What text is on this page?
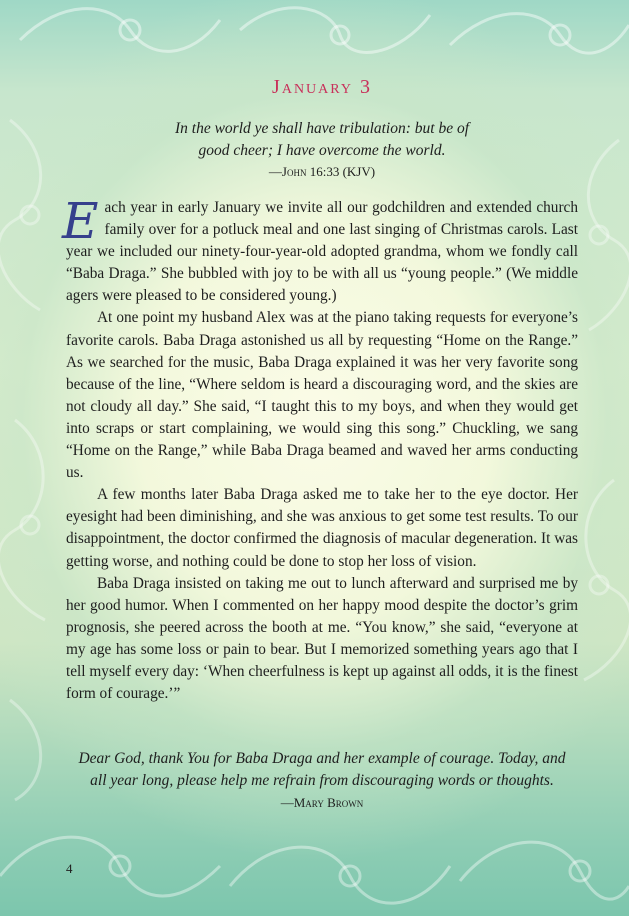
January 3
In the world ye shall have tribulation: but be of
good cheer; I have overcome the world.
—John 16:33 (KJV)

Each year in early January we invite all our godchildren and extended church family over for a potluck meal and one last singing of Christmas carols. Last year we included our ninety-four-year-old adopted grandma, whom we fondly call “Baba Draga.” She bubbled with joy to be with all us “young people.” (We middle agers were pleased to be considered young.)

At one point my husband Alex was at the piano taking requests for everyone’s favorite carols. Baba Draga astonished us all by requesting “Home on the Range.” As we searched for the music, Baba Draga explained it was her very favorite song because of the line, “Where seldom is heard a discouraging word, and the skies are not cloudy all day.” She said, “I taught this to my boys, and when they would get into scraps or start complaining, we would sing this song.” Chuckling, we sang “Home on the Range,” while Baba Draga beamed and waved her arms conducting us.

A few months later Baba Draga asked me to take her to the eye doctor. Her eyesight had been diminishing, and she was anxious to get some test results. To our disappointment, the doctor confirmed the diagnosis of macular degeneration. It was getting worse, and nothing could be done to stop her loss of vision.

Baba Draga insisted on taking me out to lunch afterward and surprised me by her good humor. When I commented on her happy mood despite the doctor’s grim prognosis, she peered across the booth at me. “You know,” she said, “everyone at my age has some loss or pain to bear. But I memorized something years ago that I tell myself every day: ‘When cheerfulness is kept up against all odds, it is the finest form of courage.’”

Dear God, thank You for Baba Draga and her example of courage. Today, and
all year long, please help me refrain from discouraging words or thoughts.
—Mary Brown
4
